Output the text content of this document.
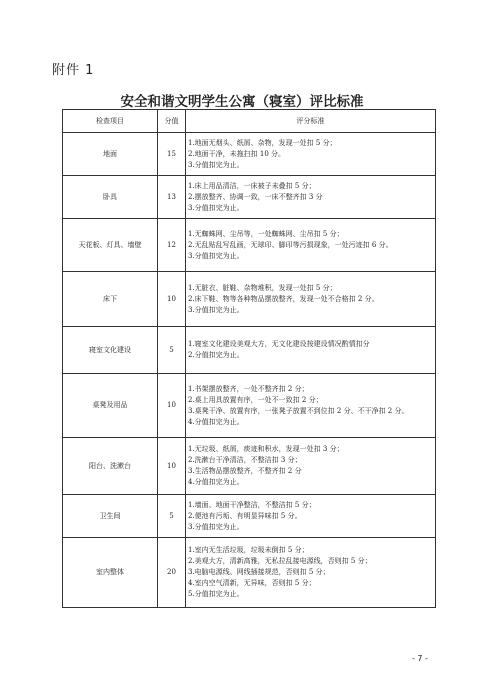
附件 1
安全和谐文明学生公寓（寝室）评比标准
检查项目	分值	评分标准
地面	15	1.地面无烟头、纸屑、杂物，发现一处扣 5 分；
2.地面干净，未拖扫扣 10 分。
3.分值扣完为止。

卧具	13	1.床上用品清洁，一床被子未叠扣 5 分；
2.摆放整齐、协调一致，一床不整齐扣 3 分
3.分值扣完为止。

天花板、灯具、墙壁	12	1.无蜘蛛网、尘吊等，一处蜘蛛网、尘吊扣 5 分；
2.无乱贴乱写乱画，无球印、脚印等污损现象，一处污迹扣 6 分。
3.分值扣完为止。

床下	10	1.无脏衣、脏鞋、杂物堆积，发现一处扣 5 分；
2.床下鞋、物等各种物品摆放整齐，发现一处不合格扣 2 分。
3.分值扣完为止。

寝室文化建设	5	1.寝室文化建设美观大方，无文化建设按建设情况酌情扣分
2.分值扣完为止。

桌凳及用品	10	1.书架摆放整齐，一处不整齐扣 2 分；
2.桌上用具放置有序，一处不一致扣 2 分；
3.桌凳干净、放置有序，一张凳子放置不到位扣 2 分、不干净扣 2 分。
4.分值扣完为止。

阳台、洗漱台	10	1.无垃圾、纸屑，痰迹和积水，发现一处扣 3 分；
2.洗漱台干净清洁，不整洁扣 3 分；
3.生活物品摆放整齐，不整齐扣 2 分
4.分值扣完为止。

卫生间	5	1.墙面、地面干净整洁，不整洁扣 5 分；
2.便池有污垢、有明显异味扣 5 分。
3.分值扣完为止。

室内整体	20	1.室内无生活垃圾，垃圾未倒扣 5 分；
2.美观大方，清新高雅，无私拉乱接电源线，否则扣 5 分；
3.电脑电源线、网线插接规范，否则扣 5 分；
4.室内空气清新，无异味，否则扣 5 分；
5.分值扣完为止。
- 7 -
